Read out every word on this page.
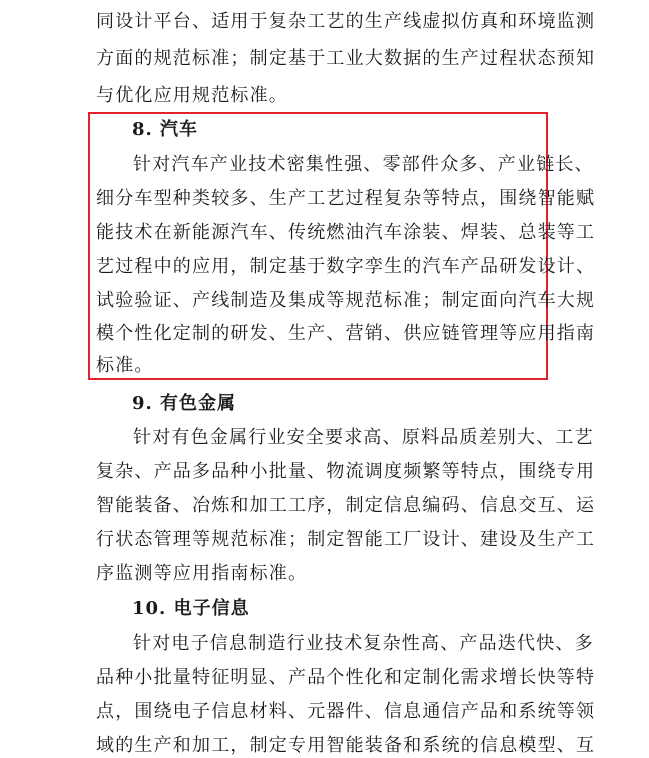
同设计平台、适用于复杂工艺的生产线虚拟仿真和环境监测
方面的规范标准；制定基于工业大数据的生产过程状态预知
与优化应用规范标准。
8. 汽车
针对汽车产业技术密集性强、零部件众多、产业链长、
细分车型种类较多、生产工艺过程复杂等特点，围绕智能赋
能技术在新能源汽车、传统燃油汽车涂装、焊装、总装等工
艺过程中的应用，制定基于数字孪生的汽车产品研发设计、
试验验证、产线制造及集成等规范标准；制定面向汽车大规
模个性化定制的研发、生产、营销、供应链管理等应用指南
标准。
9. 有色金属
针对有色金属行业安全要求高、原料品质差别大、工艺
复杂、产品多品种小批量、物流调度频繁等特点，围绕专用
智能装备、冶炼和加工工序，制定信息编码、信息交互、运
行状态管理等规范标准；制定智能工厂设计、建设及生产工
序监测等应用指南标准。
10. 电子信息
针对电子信息制造行业技术复杂性高、产品迭代快、多
品种小批量特征明显、产品个性化和定制化需求增长快等特
点，围绕电子信息材料、元器件、信息通信产品和系统等领
域的生产和加工，制定专用智能装备和系统的信息模型、互
